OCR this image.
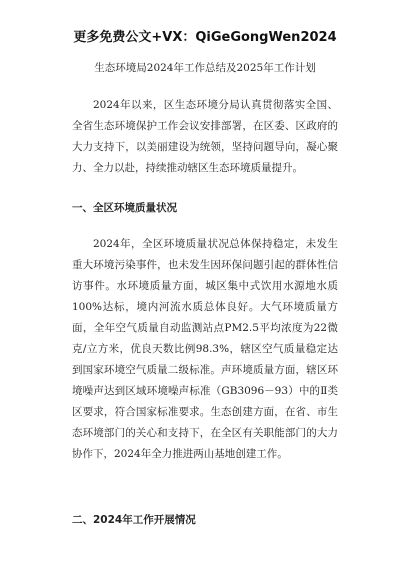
更多免费公文+VX：QiGeGongWen2024
生态环境局2024年工作总结及2025年工作计划

2024年以来，区生态环境分局认真贯彻落实全国、全省生态环境保护工作会议安排部署，在区委、区政府的大力支持下，以美丽建设为统领，坚持问题导向，凝心聚力、全力以赴，持续推动辖区生态环境质量提升。

一、全区环境质量状况

2024年，全区环境质量状况总体保持稳定，未发生重大环境污染事件，也未发生因环保问题引起的群体性信访事件。水环境质量方面，城区集中式饮用水源地水质100%达标，境内河流水质总体良好。大气环境质量方面，全年空气质量自动监测站点PM2.5平均浓度为22微克/立方米，优良天数比例98.3%，辖区空气质量稳定达到国家环境空气质量二级标准。声环境质量方面，辖区环境噪声达到区域环境噪声标准（GB3096－93）中的Ⅱ类区要求，符合国家标准要求。生态创建方面，在省、市生态环境部门的关心和支持下，在全区有关职能部门的大力协作下，2024年全力推进两山基地创建工作。

二、2024年工作开展情况
